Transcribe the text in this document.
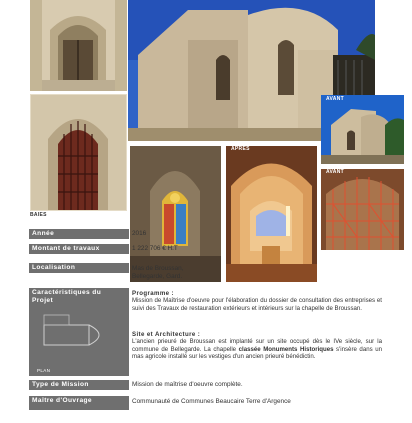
BAIES
AVANT
APRÈS
AVANT
Année	2016
Montant de travaux	1 222 706 € H.T
Localisation	Mas de Broussan,
Bellegarde, Gard.
Caractéristiques du
Projet
PLAN
Programme :
Mission de Maîtrise d'oeuvre pour l'élaboration du dossier de consultation des entreprises et suivi des Travaux de restauration extérieurs et intérieurs sur la chapelle de Broussan.
Site et Architecture :
L'ancien prieuré de Broussan est implanté sur un site occupé dès le IVe siècle, sur la commune de Bellegarde. La chapelle classée Monuments Historiques s'insère dans un mas agricole installé sur les vestiges d'un ancien prieuré bénédictin.
Type de Mission	Mission de maîtrise d'oeuvre complète.
Maître d'Ouvrage	Communauté de Communes Beaucaire Terre d'Argence
